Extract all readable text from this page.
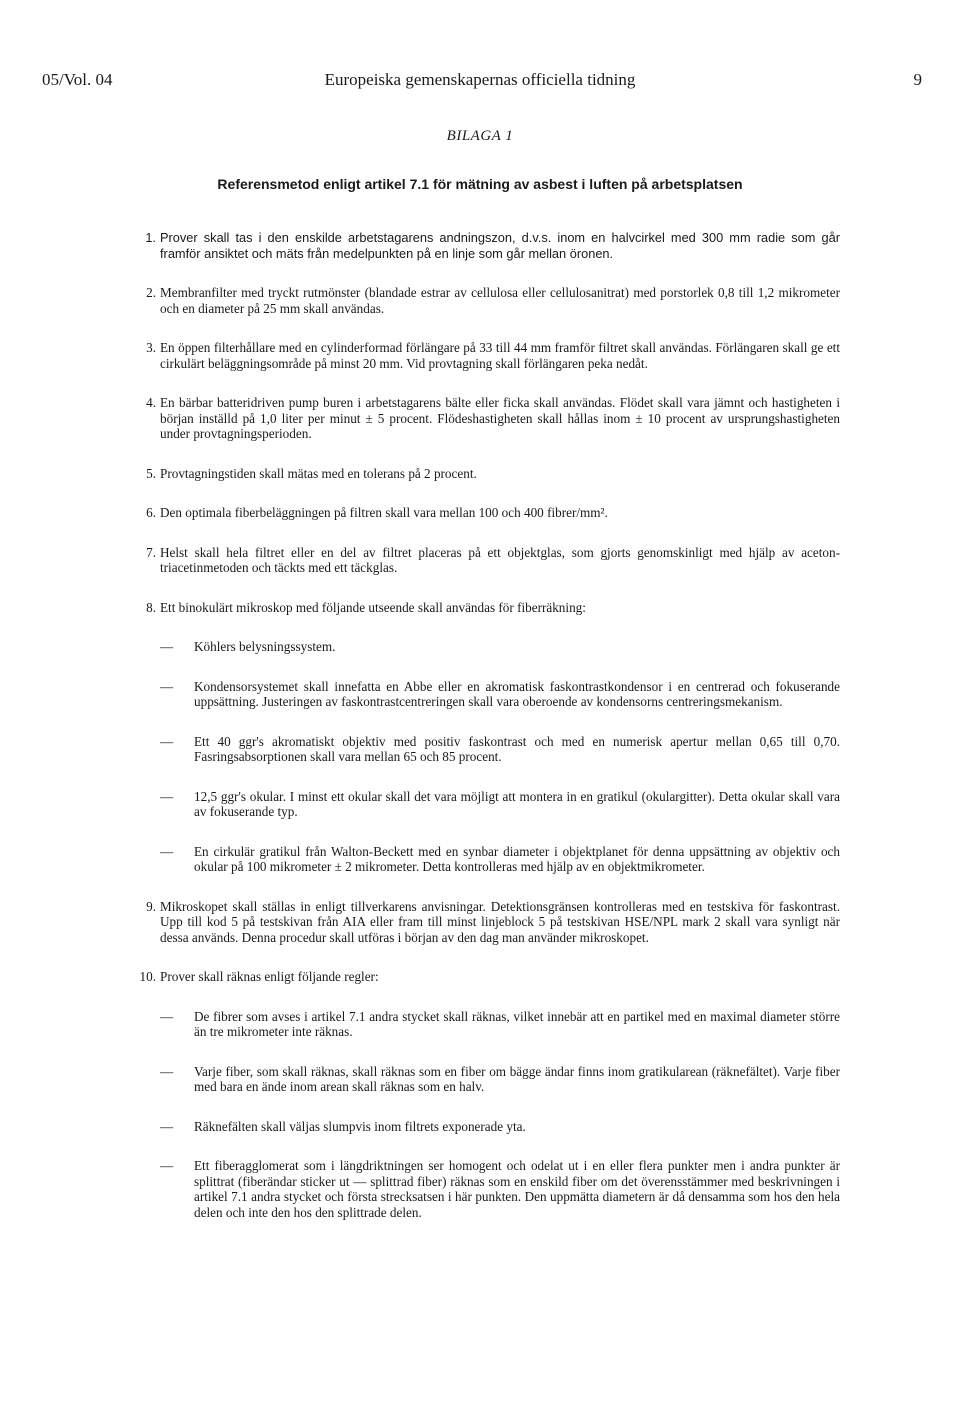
05/Vol. 04	Europeiska gemenskapernas officiella tidning	9
BILAGA 1
Referensmetod enligt artikel 7.1 för mätning av asbest i luften på arbetsplatsen
1. Prover skall tas i den enskilde arbetstagarens andningszon, d.v.s. inom en halvcirkel med 300 mm radie som går framför ansiktet och mäts från medelpunkten på en linje som går mellan öronen.

2. Membranfilter med tryckt rutmönster (blandade estrar av cellulosa eller cellulosanitrat) med porstorlek 0,8 till 1,2 mikrometer och en diameter på 25 mm skall användas.

3. En öppen filterhållare med en cylinderformad förlängare på 33 till 44 mm framför filtret skall användas. Förlängaren skall ge ett cirkulärt beläggningsområde på minst 20 mm. Vid provtagning skall förlängaren peka nedåt.

4. En bärbar batteridriven pump buren i arbetstagarens bälte eller ficka skall användas. Flödet skall vara jämnt och hastigheten i början inställd på 1,0 liter per minut ± 5 procent. Flödeshastigheten skall hållas inom ± 10 procent av ursprungshastigheten under provtagningsperioden.

5. Provtagningstiden skall mätas med en tolerans på 2 procent.

6. Den optimala fiberbeläggningen på filtren skall vara mellan 100 och 400 fibrer/mm².

7. Helst skall hela filtret eller en del av filtret placeras på ett objektglas, som gjorts genomskinligt med hjälp av aceton-triacetinmetoden och täckts med ett täckglas.

8. Ett binokulärt mikroskop med följande utseende skall användas för fiberräkning:

— Köhlers belysningssystem.

— Kondensorsystemet skall innefatta en Abbe eller en akromatisk faskontrastkondensor i en centrerad och fokuserande uppsättning. Justeringen av faskontrastcentreringen skall vara oberoende av kondensorns centreringsmekanism.

— Ett 40 ggr's akromatiskt objektiv med positiv faskontrast och med en numerisk apertur mellan 0,65 till 0,70. Fasringsabsorptionen skall vara mellan 65 och 85 procent.

— 12,5 ggr's okular. I minst ett okular skall det vara möjligt att montera in en gratikul (okulargitter). Detta okular skall vara av fokuserande typ.

— En cirkulär gratikul från Walton-Beckett med en synbar diameter i objektplanet för denna uppsättning av objektiv och okular på 100 mikrometer ± 2 mikrometer. Detta kontrolleras med hjälp av en objektmikrometer.

9. Mikroskopet skall ställas in enligt tillverkarens anvisningar. Detektionsgränsen kontrolleras med en testskiva för faskontrast. Upp till kod 5 på testskivan från AIA eller fram till minst linjeblock 5 på testskivan HSE/NPL mark 2 skall vara synligt när dessa används. Denna procedur skall utföras i början av den dag man använder mikroskopet.

10. Prover skall räknas enligt följande regler:

— De fibrer som avses i artikel 7.1 andra stycket skall räknas, vilket innebär att en partikel med en maximal diameter större än tre mikrometer inte räknas.

— Varje fiber, som skall räknas, skall räknas som en fiber om bägge ändar finns inom gratikularean (räknefältet). Varje fiber med bara en ände inom arean skall räknas som en halv.

— Räknefälten skall väljas slumpvis inom filtrets exponerade yta.

— Ett fiberagglomerat som i längdriktningen ser homogent och odelat ut i en eller flera punkter men i andra punkter är splittrat (fiberändar sticker ut — splittrad fiber) räknas som en enskild fiber om det överensstämmer med beskrivningen i artikel 7.1 andra stycket och första strecksatsen i här punkten. Den uppmätta diametern är då densamma som hos den hela delen och inte den hos den splittrade delen.
